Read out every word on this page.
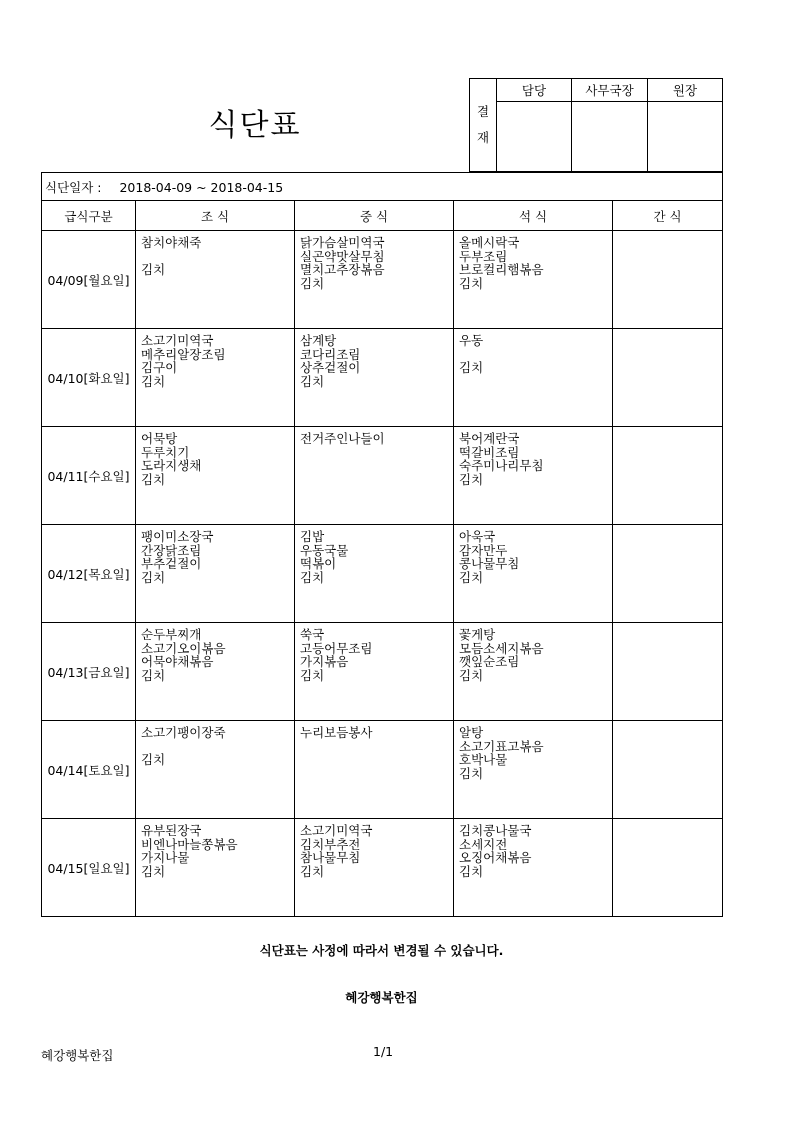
식단표	결
재	담당	사무국장	원장

식단일자 : 2018-04-09 ~ 2018-04-15				
급식구분	조 식	중 식	석 식	간 식
04/09[월요일]	참치야채죽
김치	닭가슴살미역국
실곤약맛살무침
멸치고추장볶음
김치	올메시락국
두부조림
브로컬리햄볶음
김치	

04/10[화요일]	소고기미역국
메추리알장조림
김구이
김치	삼계탕
코다리조림
상추겉절이
김치	우동
김치	

04/11[수요일]	어묵탕
두루치기
도라지생채
김치	전거주인나들이	북어계란국
떡갈비조림
숙주미나리무침
김치	

04/12[목요일]	팽이미소장국
간장닭조림
부추겉절이
김치	김밥
우동국물
떡볶이
김치	아욱국
감자만두
콩나물무침
김치	

04/13[금요일]	순두부찌개
소고기오이볶음
어묵야채볶음
김치	쑥국
고등어무조림
가지볶음
김치	꽃게탕
모듬소세지볶음
깻잎순조림
김치	

04/14[토요일]	소고기팽이장죽
김치	누리보듬봉사	알탕
소고기표고볶음
호박나물
김치	

04/15[일요일]	유부된장국
비엔나마늘쫑볶음
가지나물
김치	소고기미역국
김치부추전
참나물무침
김치	김치콩나물국
소세지전
오징어채볶음
김치	

식단표는 사정에 따라서 변경될 수 있습니다.
혜강행복한집
혜강행복한집	1/1
